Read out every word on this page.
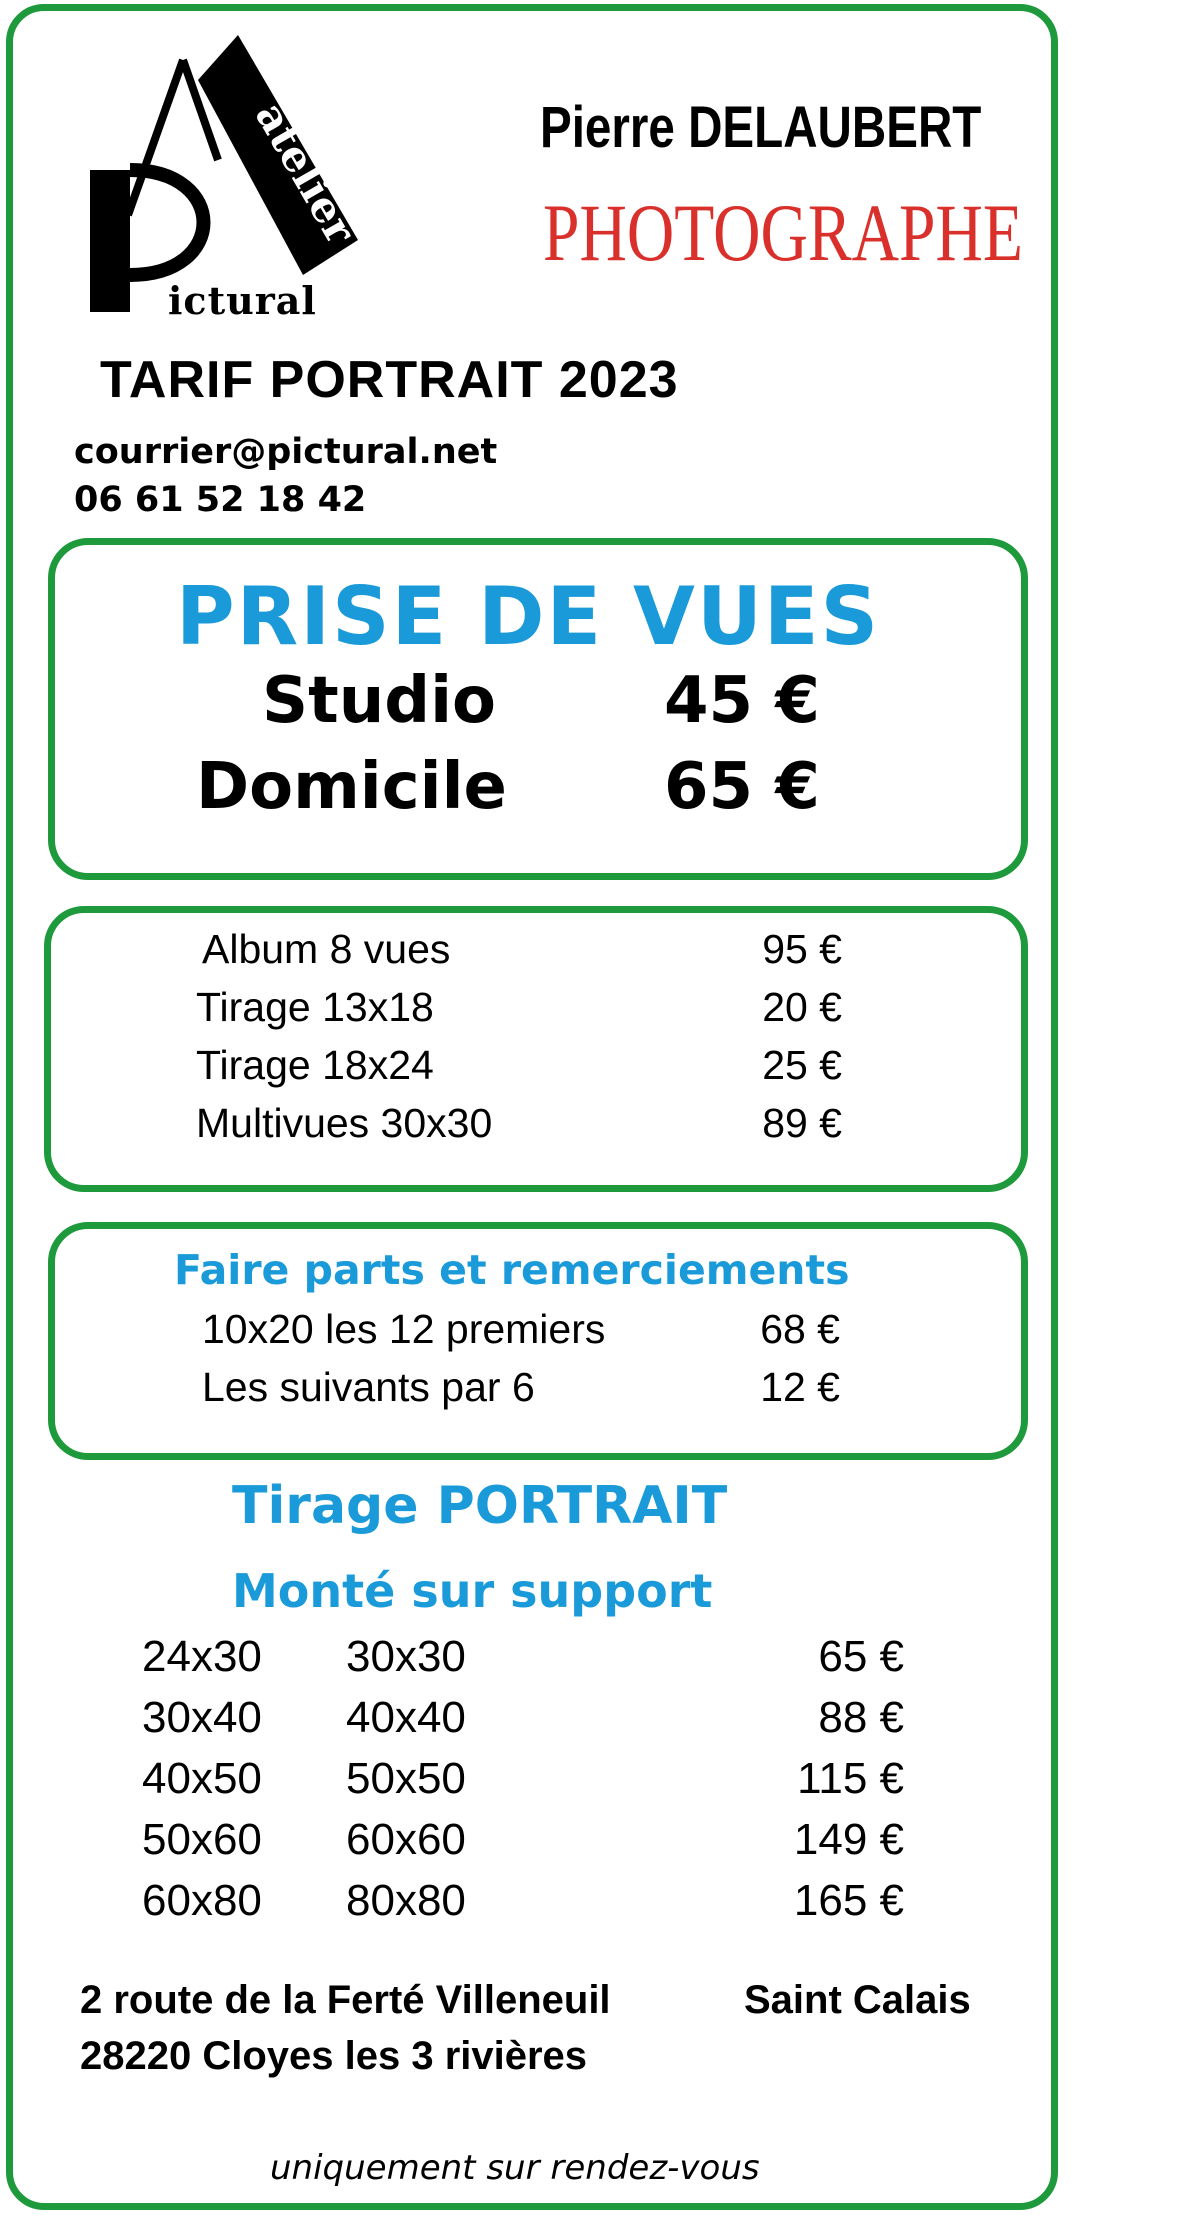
atelier
ictural
Pierre DELAUBERT
PHOTOGRAPHE
TARIF PORTRAIT 2023
courrier@pictural.net
06 61 52 18 42
PRISE DE VUES
Studio	45 €
Domicile 65 €
Album 8 vues	95 €
Tirage 13x18	20 €
Tirage 18x24	25 €
Multivues 30x30	89 €
Faire parts et remerciements
10x20 les 12 premiers	68 €
Les suivants par 6	12 €
Tirage PORTRAIT
Monté sur support
24x30 30x30	65 €
30x40 40x40	88 €
40x50 50x50	115 €
50x60 60x60	149 €
60x80 80x80	165 €
2 route de la Ferté Villeneuil	Saint Calais
28220 Cloyes les 3 rivières
uniquement sur rendez-vous
